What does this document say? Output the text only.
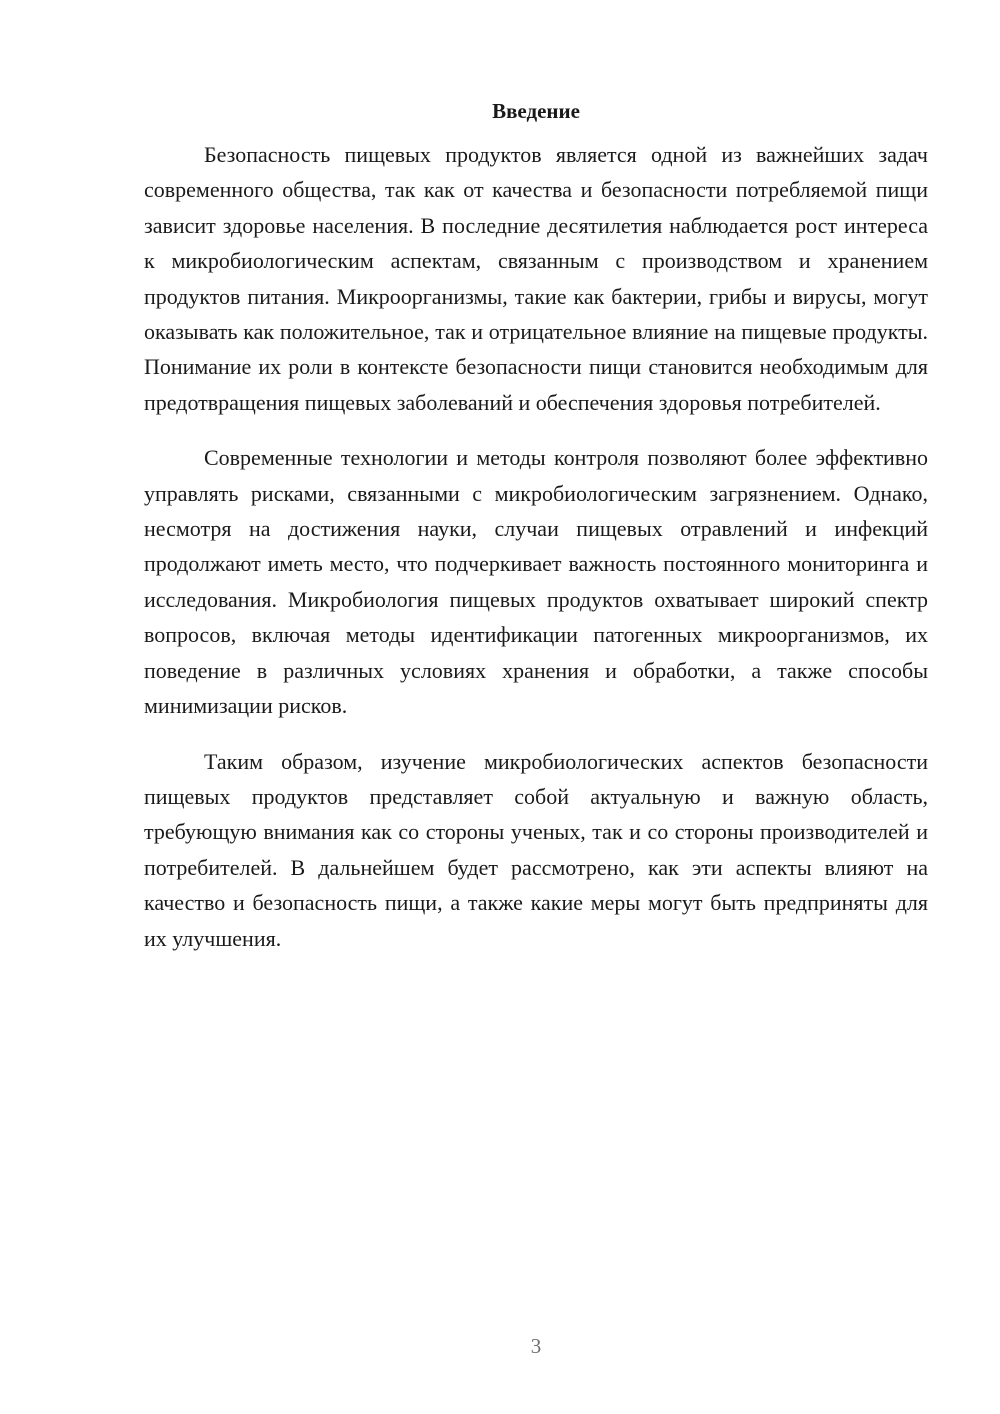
Введение

Безопасность пищевых продуктов является одной из важнейших задач современного общества, так как от качества и безопасности потребляемой пищи зависит здоровье населения. В последние десятилетия наблюдается рост интереса к микробиологическим аспектам, связанным с производством и хранением продуктов питания. Микроорганизмы, такие как бактерии, грибы и вирусы, могут оказывать как положительное, так и отрицательное влияние на пищевые продукты. Понимание их роли в контексте безопасности пищи становится необходимым для предотвращения пищевых заболеваний и обеспечения здоровья потребителей.

Современные технологии и методы контроля позволяют более эффективно управлять рисками, связанными с микробиологическим загрязнением. Однако, несмотря на достижения науки, случаи пищевых отравлений и инфекций продолжают иметь место, что подчеркивает важность постоянного мониторинга и исследования. Микробиология пищевых продуктов охватывает широкий спектр вопросов, включая методы идентификации патогенных микроорганизмов, их поведение в различных условиях хранения и обработки, а также способы минимизации рисков.

Таким образом, изучение микробиологических аспектов безопасности пищевых продуктов представляет собой актуальную и важную область, требующую внимания как со стороны ученых, так и со стороны производителей и потребителей. В дальнейшем будет рассмотрено, как эти аспекты влияют на качество и безопасность пищи, а также какие меры могут быть предприняты для их улучшения.

3
